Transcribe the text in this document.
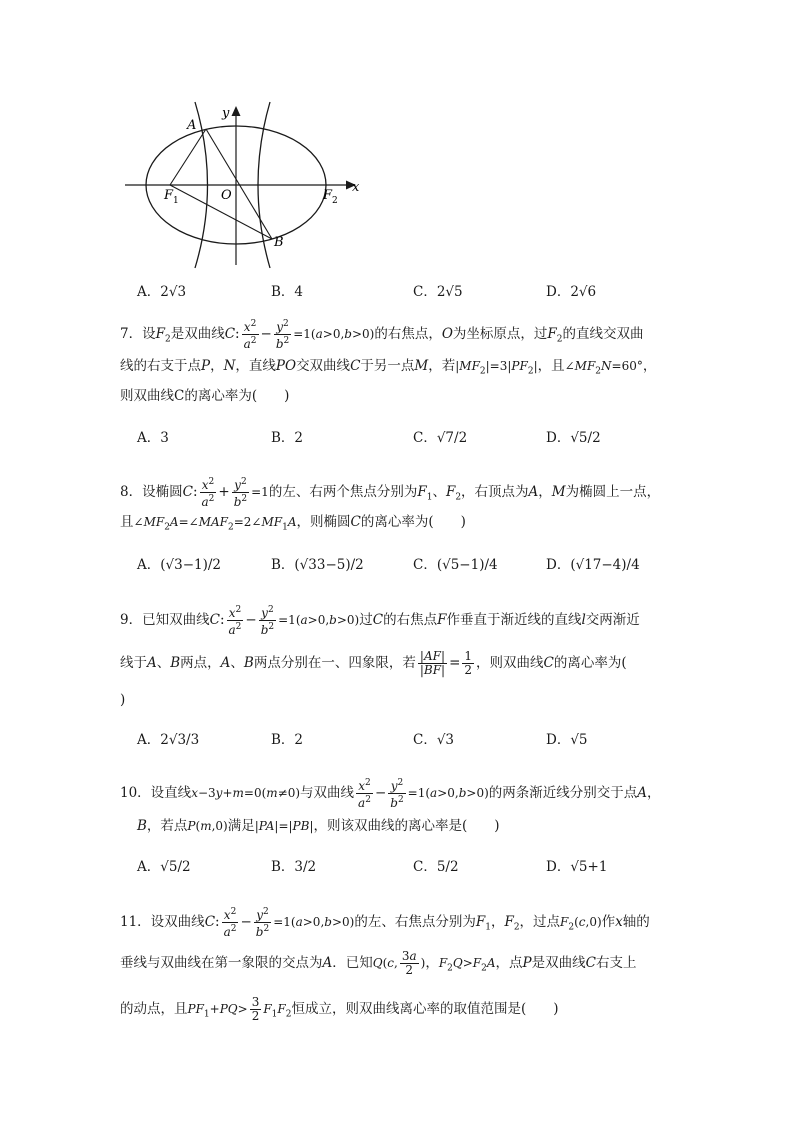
y
x
A
B
O
F 1	F 2
A．2√3	B．4	C．2√5	D．2√6
7．设$F_2$是双曲线C: $\frac{x^2}{a^2} - \frac{y^2}{b^2} =1(a>0,b>0)$的右焦点，O为坐标原点，过$F_2$的直线交双曲
线的右支于点P，N，直线PO交双曲线C于另一点M，若$|MF_2|=3|PF_2|$，且$\angle MF_2N=60^\circ$，
则双曲线C的离心率为(　　)
A．3	B．2	C．√7/2	D．√5/2
8．设椭圆C: $\frac{x^2}{a^2} + \frac{y^2}{b^2} =1$的左、右两个焦点分别为$F_1$、$F_2$，右顶点为A，M为椭圆上一点，
且$\angle MF_2A=\angle MAF_2=2\angle MF_1A$，则椭圆C的离心率为(　　)
A．(√3−1)/2	B．(√33−5)/2	C．(√5−1)/4	D．(√17−4)/4
9．已知双曲线C: $\frac{x^2}{a^2} - \frac{y^2}{b^2} =1(a>0,b>0)$过C的右焦点F作垂直于渐近线的直线l交两渐近
线于A、B两点，A、B两点分别在一、四象限，若 $\frac{|AF|}{|BF|} = \frac{1}{2}$ ，则双曲线C的离心率为(
)
A．2√3/3	B．2	C．√3	D．√5
10．设直线x−3y+m=0(m≠0)与双曲线 $\frac{x^2}{a^2} - \frac{y^2}{b^2} =1(a>0,b>0)$的两条渐近线分别交于点A，
B，若点P(m,0)满足|PA|=|PB|，则该双曲线的离心率是(　　)
A．√5/2	B．3/2	C．5/2	D．√5+1
11．设双曲线C: $\frac{x^2}{a^2} - \frac{y^2}{b^2} =1(a>0,b>0)$的左、右焦点分别为$F_1$，$F_2$，过点$F_2(c,0)$作x轴的
垂线与双曲线在第一象限的交点为A．已知Q(c, $\frac{3a}{2}$ )，$F_2Q>F_2A$，点P是双曲线C右支上
的动点，且$PF_1+PQ> \frac{3}{2} F_1F_2$恒成立，则双曲线离心率的取值范围是(　　)
